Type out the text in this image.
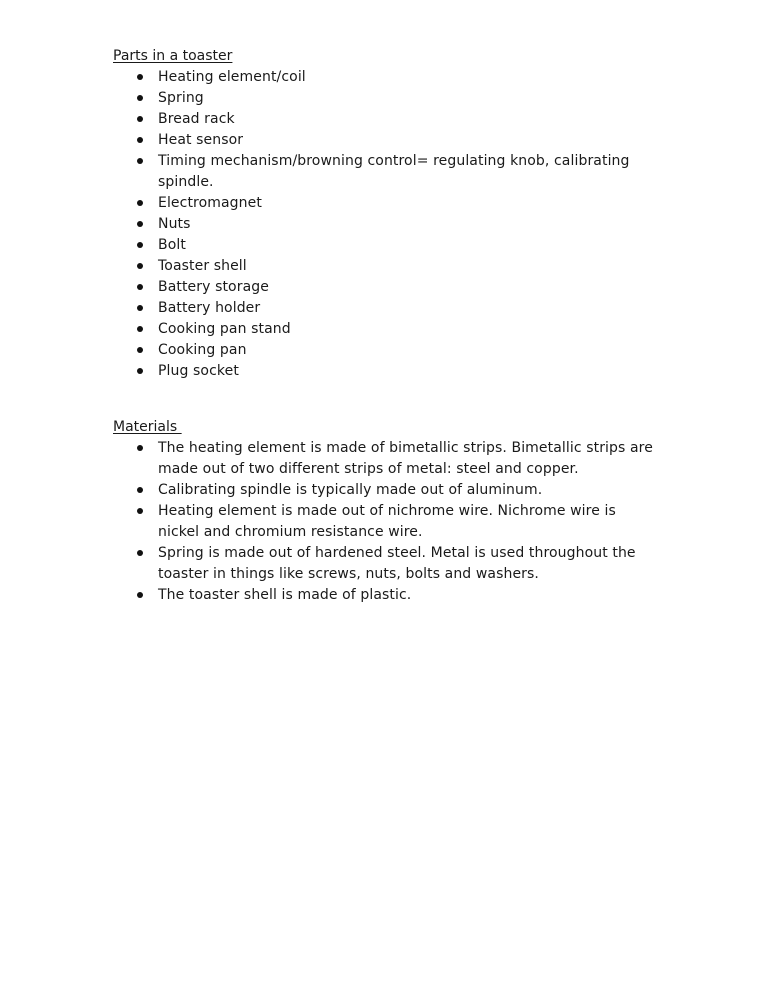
Parts in a toaster
Heating element/coil
Spring
Bread rack
Heat sensor
Timing mechanism/browning control= regulating knob, calibrating spindle.
Electromagnet
Nuts
Bolt
Toaster shell
Battery storage
Battery holder
Cooking pan stand
Cooking pan
Plug socket
Materials
The heating element is made of bimetallic strips. Bimetallic strips are made out of two different strips of metal: steel and copper.
Calibrating spindle is typically made out of aluminum.
Heating element is made out of nichrome wire. Nichrome wire is nickel and chromium resistance wire.
Spring is made out of hardened steel. Metal is used throughout the toaster in things like screws, nuts, bolts and washers.
The toaster shell is made of plastic.
